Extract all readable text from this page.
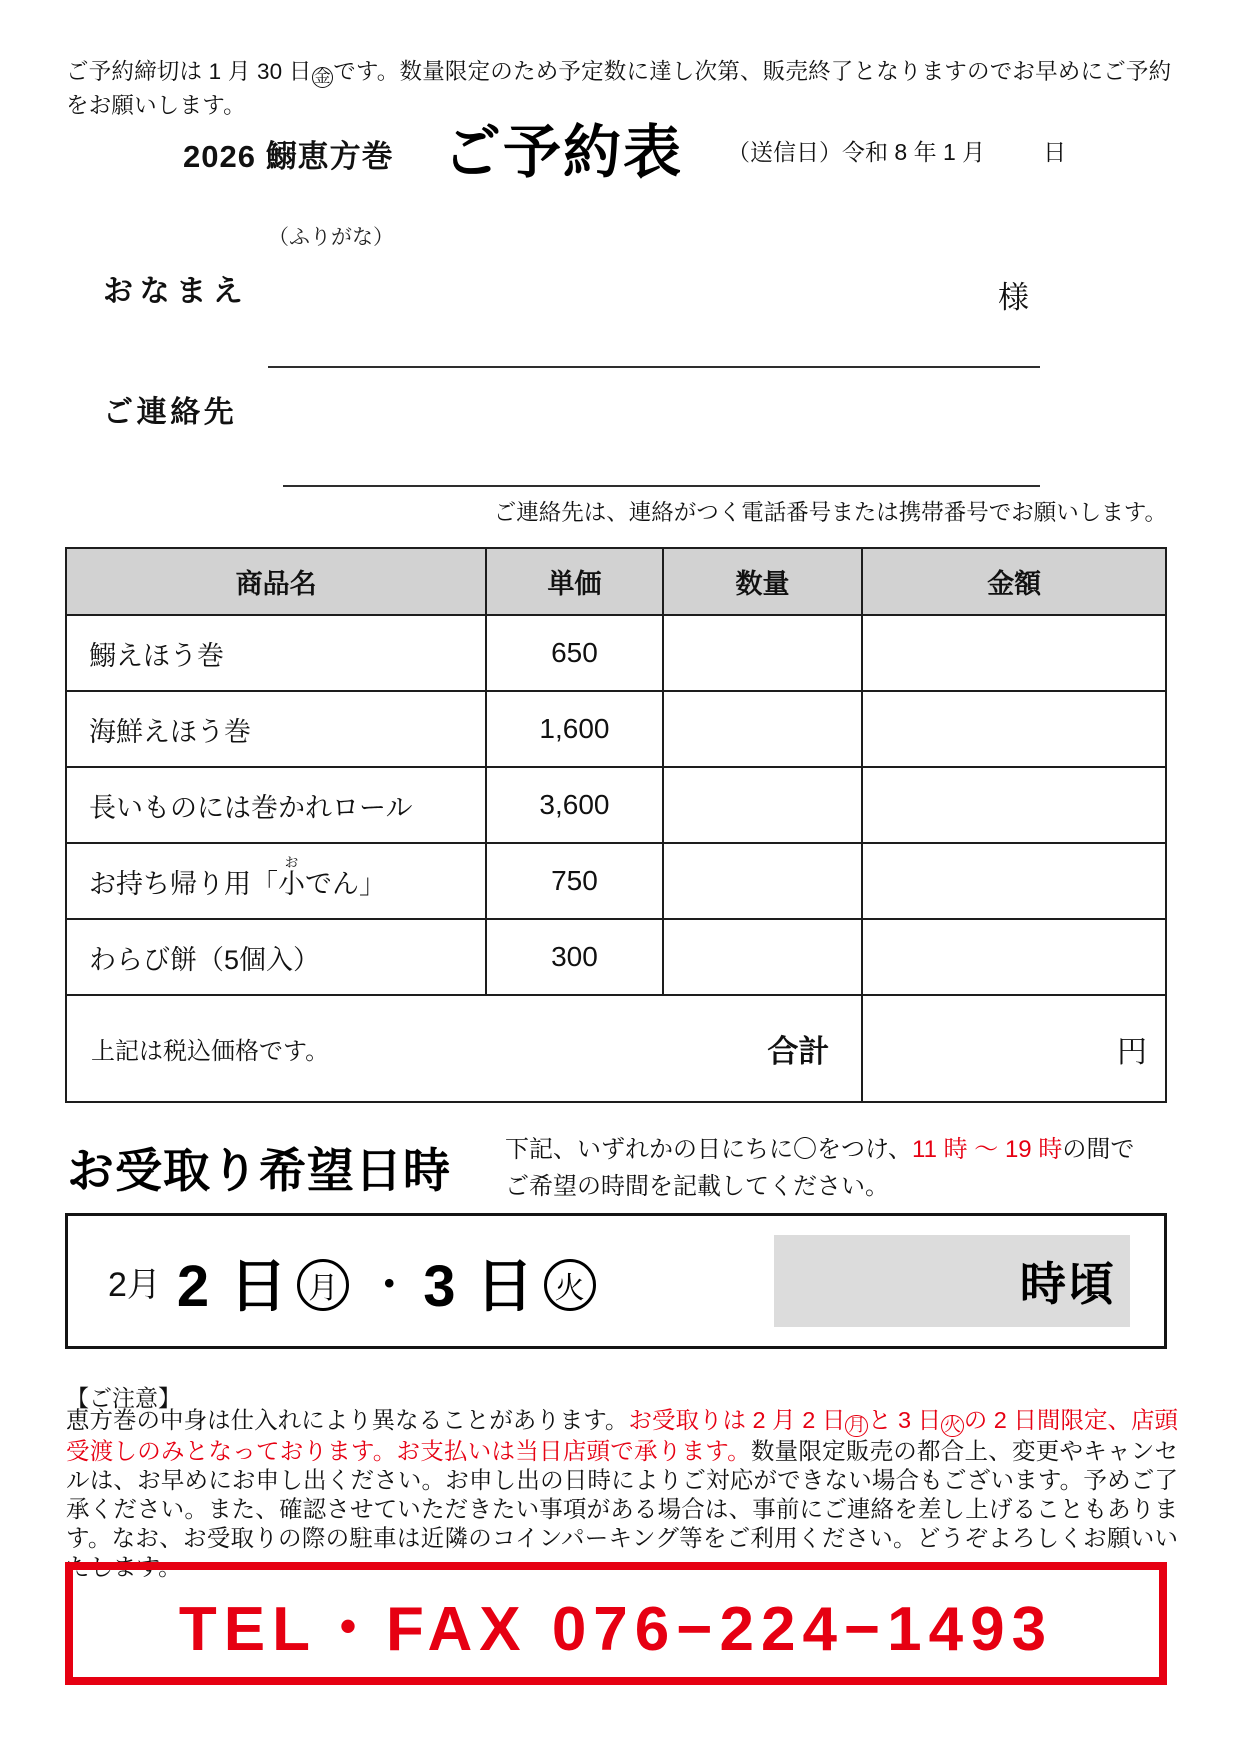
ご予約締切は 1 月 30 日 金 です。数量限定のため予定数に達し次第、販売終了となりますのでお早めにご予約をお願いします。
2026 鰯恵方巻 ご予約表 （送信日）令和 8 年 1 月	日
（ふりがな）
おなまえ	様
ご連絡先
ご連絡先は、連絡がつく電話番号または携帯番号でお願いします。
商品名	単価	数量	金額
鰯えほう巻	650		
海鮮えほう巻	1,600		
長いものには巻かれロール	3,600		
お持ち帰り用「
お
小でん」	750		
わらび餅（5個入）	300		

上記は税込価格です。 合計			円
お受取り希望日時 下記、いずれかの日にちに〇をつけ、11 時 〜 19 時の間で
ご希望の時間を記載してください。
2月 2 日 月 ・ 3 日 火	時頃
【ご注意】
恵方巻の中身は仕入れにより異なることがあります。お受取りは 2 月 2 日 月 と 3 日 火 の 2 日間限定、店頭受渡しのみとなっております。お支払いは当日店頭で承ります。数量限定販売の都合上、変更やキャンセルは、お早めにお申し出ください。お申し出の日時によりご対応ができない場合もございます。予めご了承ください。また、確認させていただきたい事項がある場合は、事前にご連絡を差し上げることもあります。なお、お受取りの際の駐車は近隣のコインパーキング等をご利用ください。どうぞよろしくお願いいたします。
TEL・FAX 076−224−1493
